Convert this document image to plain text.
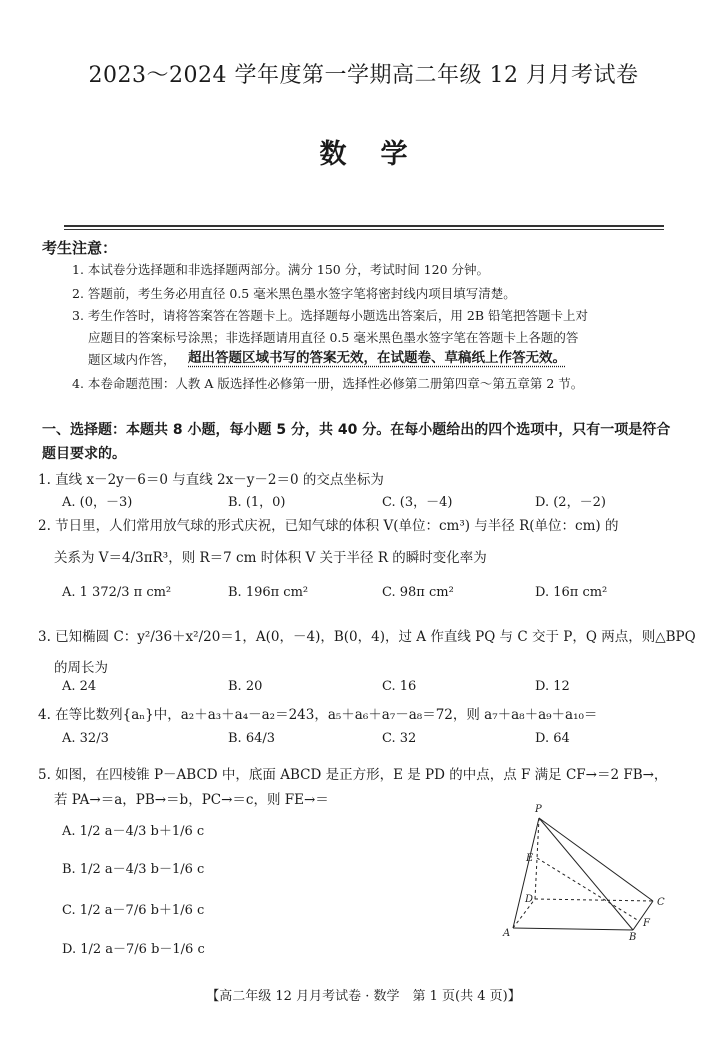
2023～2024 学年度第一学期高二年级 12 月月考试卷
数学
考生注意：
1. 本试卷分选择题和非选择题两部分。满分 150 分，考试时间 120 分钟。
2. 答题前，考生务必用直径 0.5 毫米黑色墨水签字笔将密封线内项目填写清楚。
3. 考生作答时，请将答案答在答题卡上。选择题每小题选出答案后，用 2B 铅笔把答题卡上对
应题目的答案标号涂黑；非选择题请用直径 0.5 毫米黑色墨水签字笔在答题卡上各题的答
题区域内作答， 超出答题区域书写的答案无效，在试题卷、草稿纸上作答无效。
4. 本卷命题范围：人教 A 版选择性必修第一册，选择性必修第二册第四章～第五章第 2 节。
一、选择题：本题共 8 小题，每小题 5 分，共 40 分。在每小题给出的四个选项中，只有一项是符合题目要求的。
1. 直线 x－2y－6＝0 与直线 2x－y－2＝0 的交点坐标为
A. (0，－3)	B. (1，0)	C. (3，－4)	D. (2，－2)
2. 节日里，人们常用放气球的形式庆祝，已知气球的体积 V(单位：cm³) 与半径 R(单位：cm) 的
关系为 V＝4/3πR³，则 R＝7 cm 时体积 V 关于半径 R 的瞬时变化率为
A. 1 372/3 π cm²	B. 196π cm²	C. 98π cm²	D. 16π cm²
3. 已知椭圆 C：y²/36＋x²/20＝1，A(0，－4)，B(0，4)，过 A 作直线 PQ 与 C 交于 P，Q 两点，则△BPQ
的周长为
A. 24	B. 20	C. 16	D. 12
4. 在等比数列{aₙ}中，a₂＋a₃＋a₄－a₂＝243，a₅＋a₆＋a₇－a₈＝72，则 a₇＋a₈＋a₉＋a₁₀＝
A. 32/3	B. 64/3	C. 32	D. 64
5. 如图，在四棱锥 P－ABCD 中，底面 ABCD 是正方形，E 是 PD 的中点，点 F 满足 CF→＝2 FB→，
若 PA→＝a，PB→＝b，PC→＝c，则 FE→＝
A. 1/2 a－4/3 b＋1/6 c
B. 1/2 a－4/3 b－1/6 c
C. 1/2 a－7/6 b＋1/6 c
D. 1/2 a－7/6 b－1/6 c
P
E
D	C
A	B
F
【高二年级 12 月月考试卷 · 数学　第 1 页(共 4 页)】
